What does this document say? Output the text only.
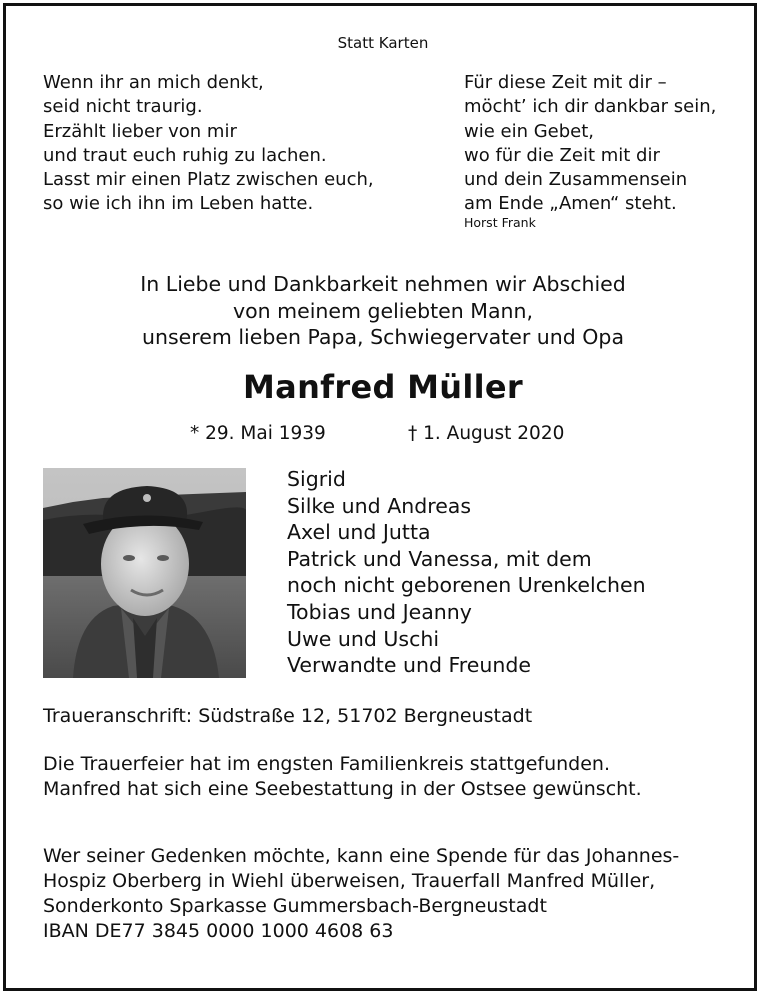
Statt Karten
Wenn ihr an mich denkt,
seid nicht traurig.
Erzählt lieber von mir
und traut euch ruhig zu lachen.
Lasst mir einen Platz zwischen euch,
so wie ich ihn im Leben hatte.
Für diese Zeit mit dir –
möcht’ ich dir dankbar sein,
wie ein Gebet,
wo für die Zeit mit dir
und dein Zusammensein
am Ende „Amen“ steht.
Horst Frank
In Liebe und Dankbarkeit nehmen wir Abschied
von meinem geliebten Mann,
unserem lieben Papa, Schwiegervater und Opa
Manfred Müller
* 29. Mai 1939	† 1. August 2020
Sigrid
Silke und Andreas
Axel und Jutta
Patrick und Vanessa, mit dem
noch nicht geborenen Urenkelchen
Tobias und Jeanny
Uwe und Uschi
Verwandte und Freunde
Traueranschrift: Südstraße 12, 51702 Bergneustadt
Die Trauerfeier hat im engsten Familienkreis stattgefunden.
Manfred hat sich eine Seebestattung in der Ostsee gewünscht.
Wer seiner Gedenken möchte, kann eine Spende für das Johannes-
Hospiz Oberberg in Wiehl überweisen, Trauerfall Manfred Müller,
Sonderkonto Sparkasse Gummersbach-Bergneustadt
IBAN DE77 3845 0000 1000 4608 63
